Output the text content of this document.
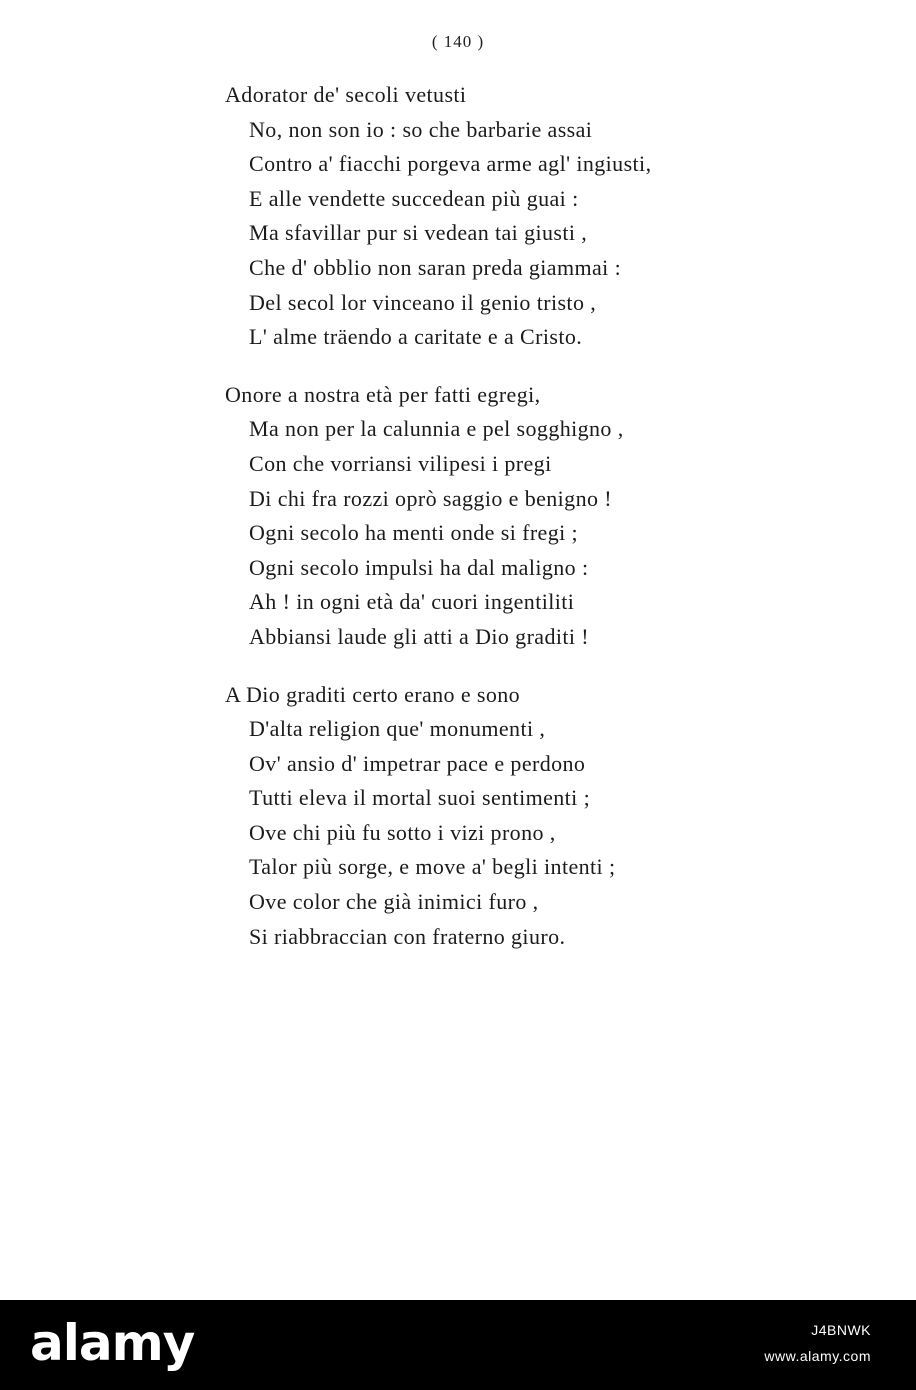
( 140 )
Adorator de' secoli vetusti
No, non son io : so che barbarie assai
Contro a' fiacchi porgeva arme agl' ingiusti,
E alle vendette succedean più guai :
Ma sfavillar pur si vedean tai giusti ,
Che d' obblio non saran preda giammai :
Del secol lor vinceano il genio tristo ,
L' alme träendo a caritate e a Cristo.
Onore a nostra età per fatti egregi,
Ma non per la calunnia e pel sogghigno ,
Con che vorriansi vilipesi i pregi
Di chi fra rozzi oprò saggio e benigno !
Ogni secolo ha menti onde si fregi ;
Ogni secolo impulsi ha dal maligno :
Ah ! in ogni età da' cuori ingentiliti
Abbiansi laude gli atti a Dio graditi !
A Dio graditi certo erano e sono
D'alta religion que' monumenti ,
Ov' ansio d' impetrar pace e perdono
Tutti eleva il mortal suoi sentimenti ;
Ove chi più fu sotto i vizi prono ,
Talor più sorge, e move a' begli intenti ;
Ove color che già inimici furo ,
Si riabbraccian con fraterno giuro.
alamy	J4BNWK
www.alamy.com
